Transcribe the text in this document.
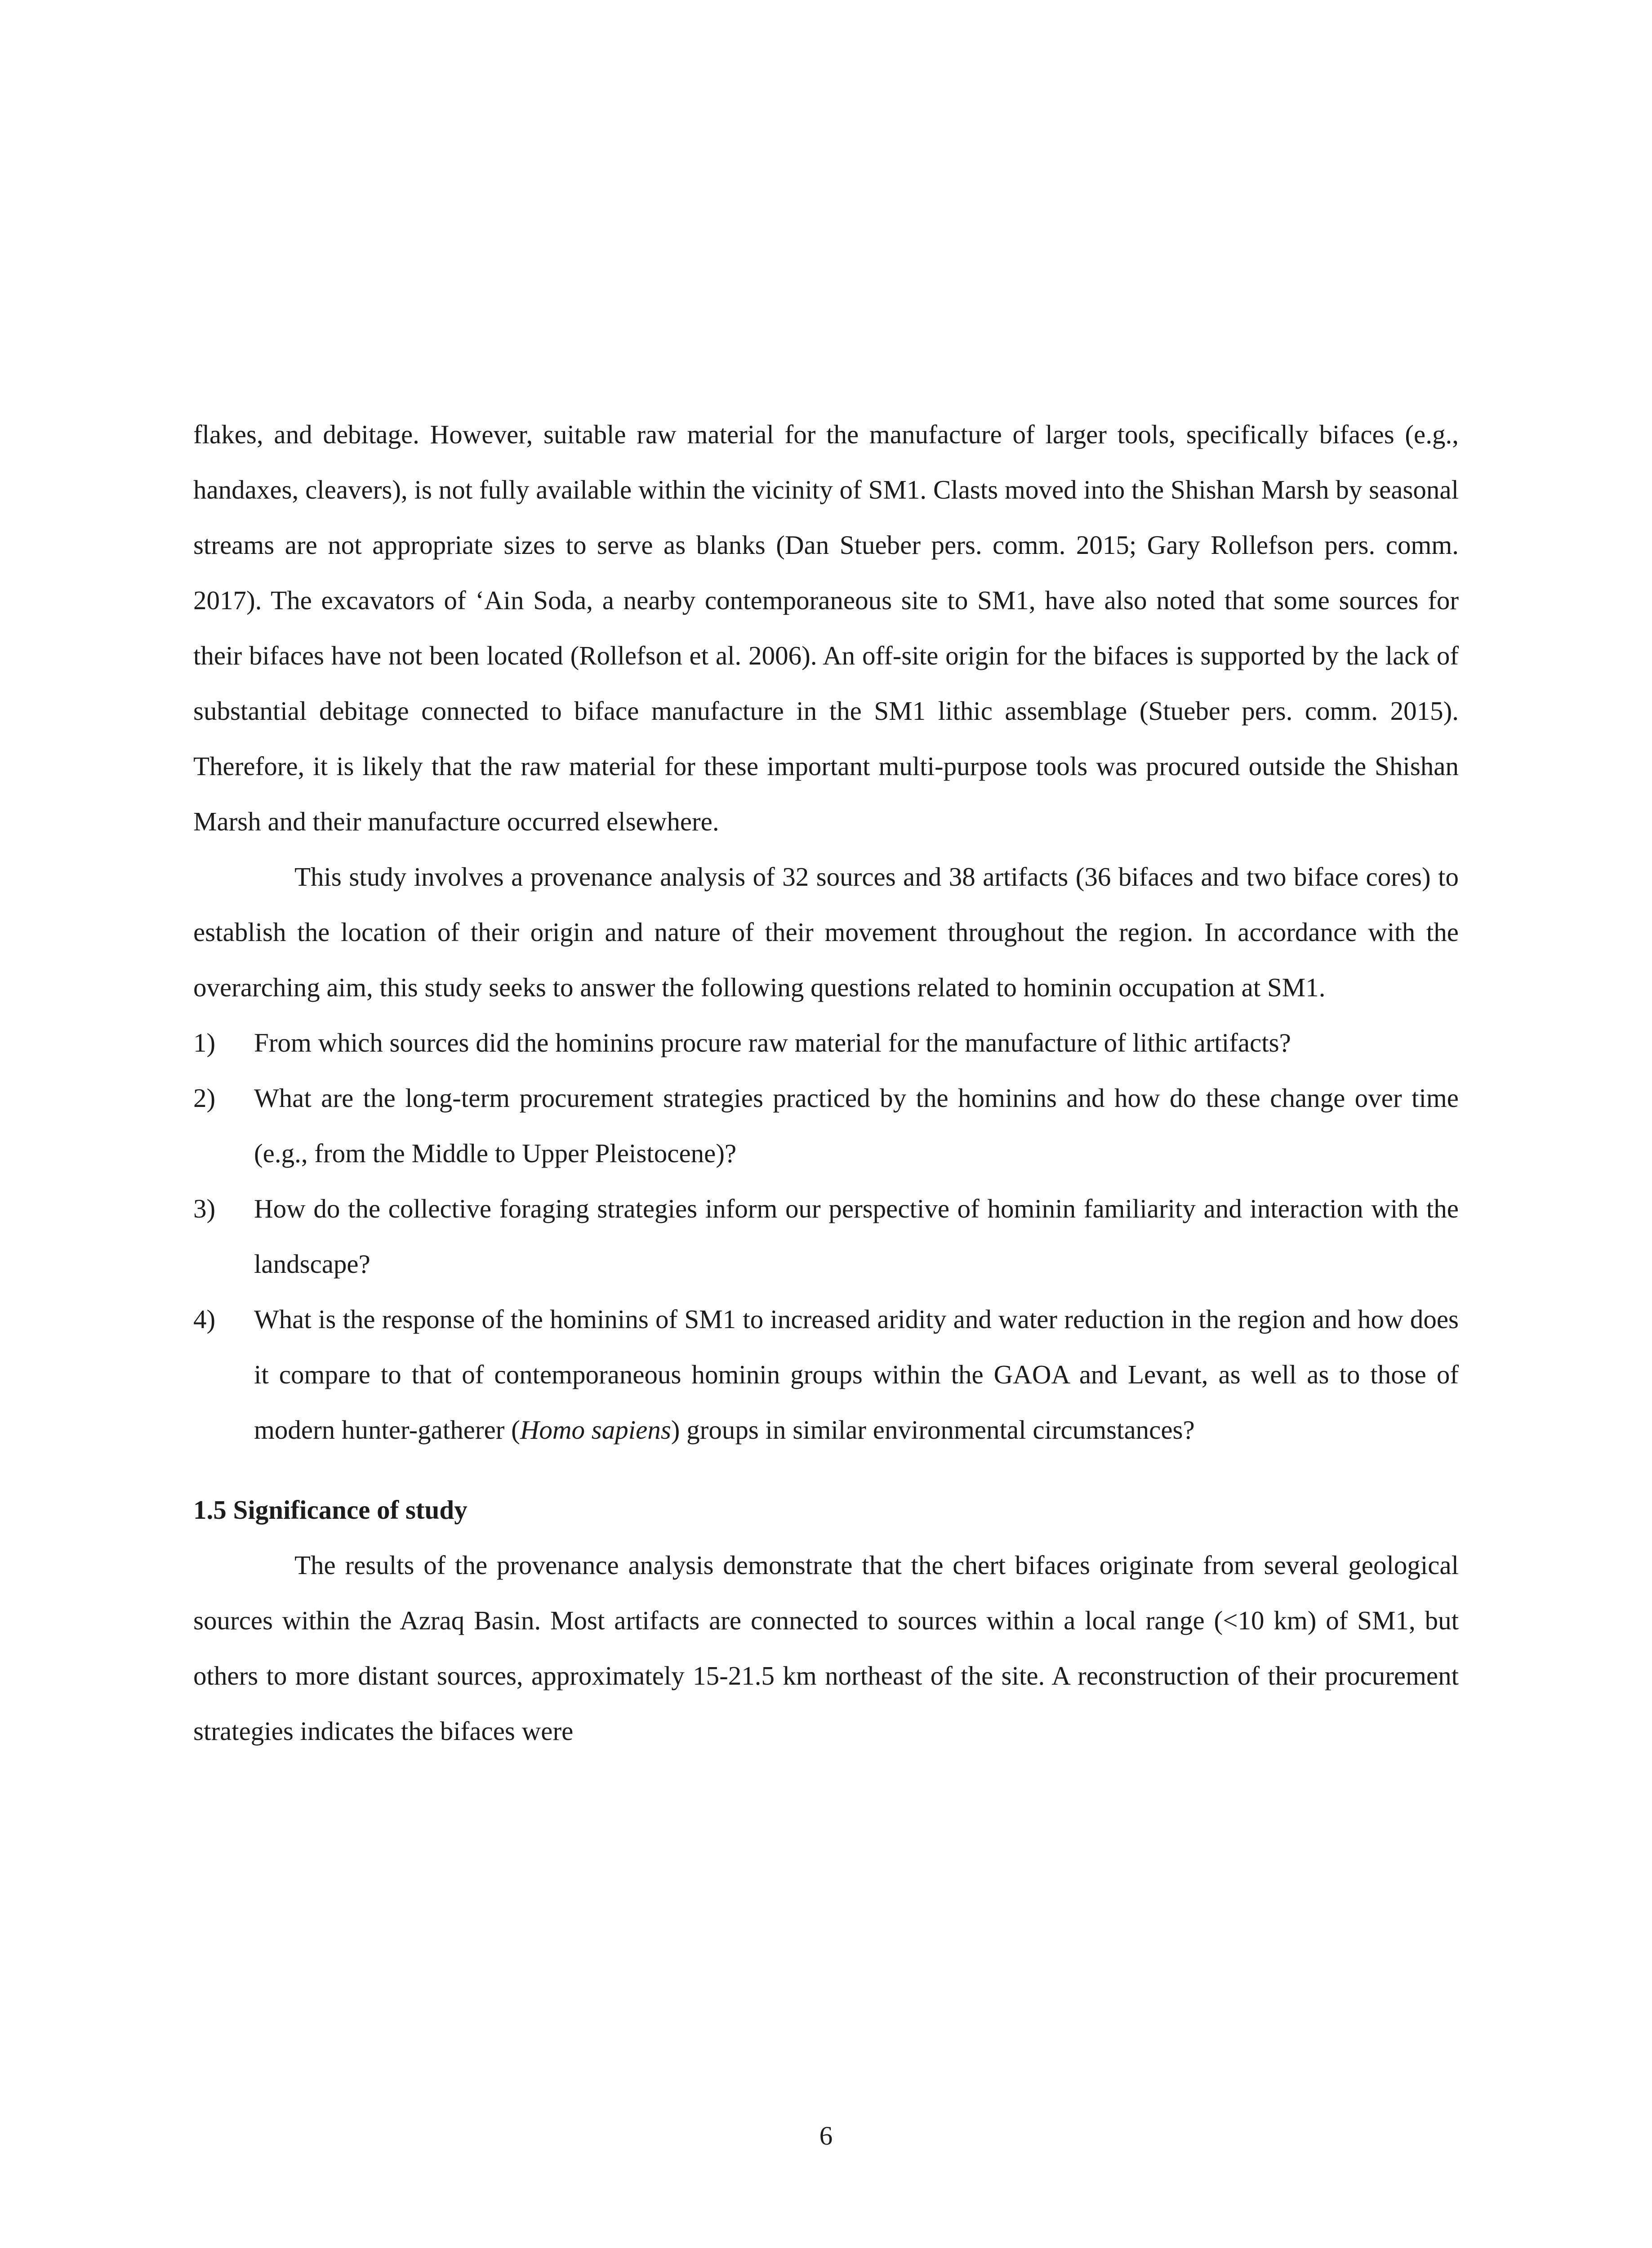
flakes, and debitage. However, suitable raw material for the manufacture of larger tools, specifically bifaces (e.g., handaxes, cleavers), is not fully available within the vicinity of SM1. Clasts moved into the Shishan Marsh by seasonal streams are not appropriate sizes to serve as blanks (Dan Stueber pers. comm. 2015; Gary Rollefson pers. comm. 2017). The excavators of ‘Ain Soda, a nearby contemporaneous site to SM1, have also noted that some sources for their bifaces have not been located (Rollefson et al. 2006). An off-site origin for the bifaces is supported by the lack of substantial debitage connected to biface manufacture in the SM1 lithic assemblage (Stueber pers. comm. 2015). Therefore, it is likely that the raw material for these important multi-purpose tools was procured outside the Shishan Marsh and their manufacture occurred elsewhere.

This study involves a provenance analysis of 32 sources and 38 artifacts (36 bifaces and two biface cores) to establish the location of their origin and nature of their movement throughout the region. In accordance with the overarching aim, this study seeks to answer the following questions related to hominin occupation at SM1.

1) From which sources did the hominins procure raw material for the manufacture of lithic artifacts?
2) What are the long-term procurement strategies practiced by the hominins and how do these change over time (e.g., from the Middle to Upper Pleistocene)?
3) How do the collective foraging strategies inform our perspective of hominin familiarity and interaction with the landscape?
4) What is the response of the hominins of SM1 to increased aridity and water reduction in the region and how does it compare to that of contemporaneous hominin groups within the GAOA and Levant, as well as to those of modern hunter-gatherer (Homo sapiens) groups in similar environmental circumstances?
1.5 Significance of study

The results of the provenance analysis demonstrate that the chert bifaces originate from several geological sources within the Azraq Basin. Most artifacts are connected to sources within a local range (<10 km) of SM1, but others to more distant sources, approximately 15-21.5 km northeast of the site. A reconstruction of their procurement strategies indicates the bifaces were

6
